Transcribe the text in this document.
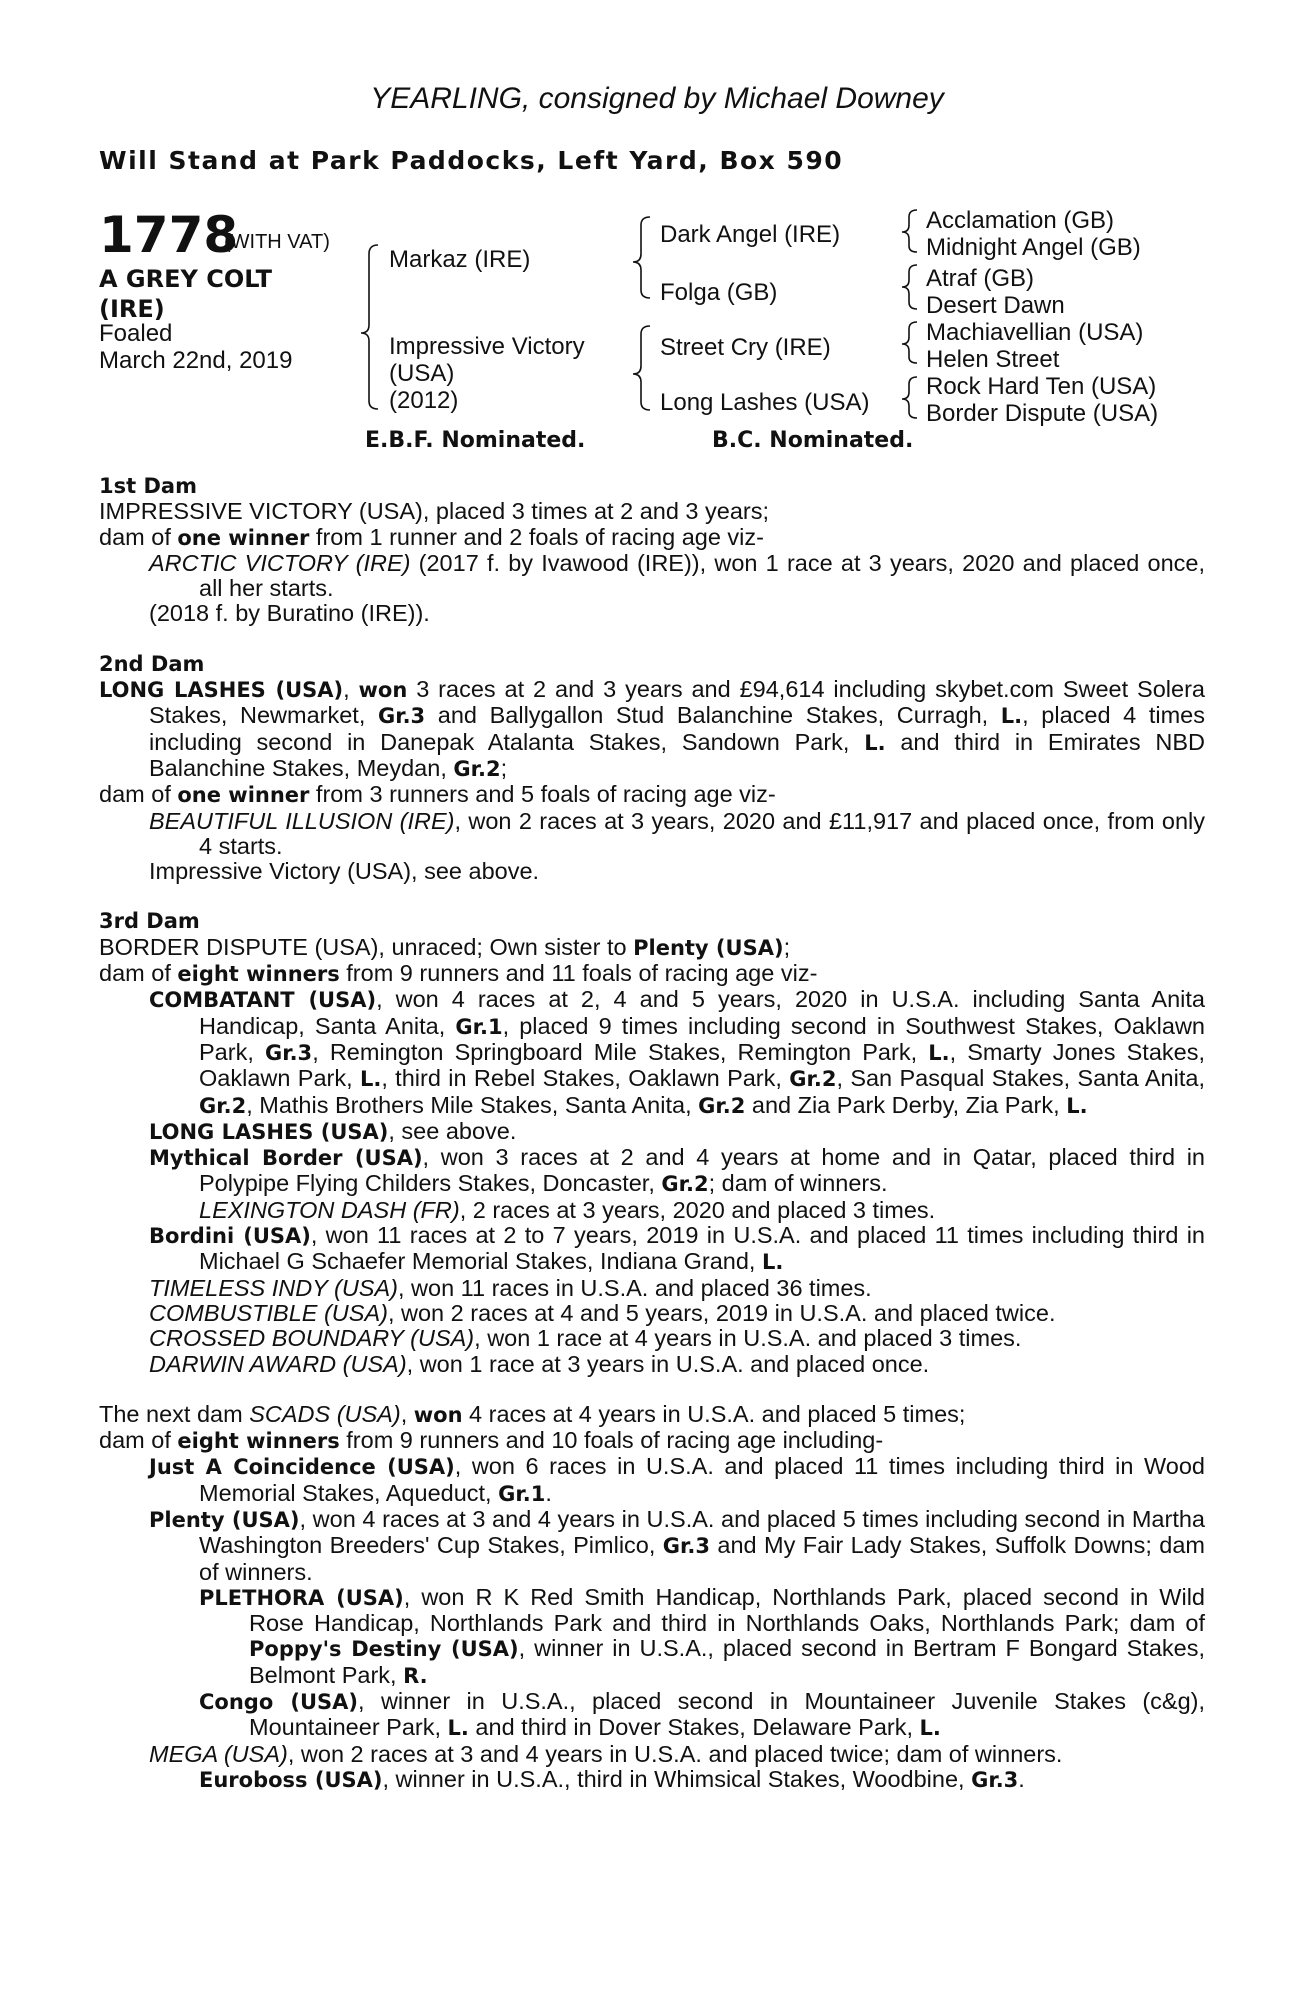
YEARLING, consigned by Michael Downey
Will Stand at Park Paddocks, Left Yard, Box 590
1778
(WITH VAT)
A GREY COLT
(IRE)
Foaled
March 22nd, 2019
Markaz (IRE)
Impressive Victory
(USA)
(2012)
Dark Angel (IRE)
Folga (GB)
Street Cry (IRE)
Long Lashes (USA)
Acclamation (GB)
Midnight Angel (GB)
Atraf (GB)
Desert Dawn
Machiavellian (USA)
Helen Street
Rock Hard Ten (USA)
Border Dispute (USA)
E.B.F. Nominated.	B.C. Nominated.

1st Dam

IMPRESSIVE VICTORY (USA), placed 3 times at 2 and 3 years;

dam of one winner from 1 runner and 2 foals of racing age viz-

ARCTIC VICTORY (IRE) (2017 f. by Ivawood (IRE)), won 1 race at 3 years, 2020 and placed once, all her starts.

(2018 f. by Buratino (IRE)).

2nd Dam

LONG LASHES (USA), won 3 races at 2 and 3 years and £94,614 including skybet.com Sweet Solera Stakes, Newmarket, Gr.3 and Ballygallon Stud Balanchine Stakes, Curragh, L., placed 4 times including second in Danepak Atalanta Stakes, Sandown Park, L. and third in Emirates NBD Balanchine Stakes, Meydan, Gr.2;

dam of one winner from 3 runners and 5 foals of racing age viz-

BEAUTIFUL ILLUSION (IRE), won 2 races at 3 years, 2020 and £11,917 and placed once, from only 4 starts.

Impressive Victory (USA), see above.

3rd Dam

BORDER DISPUTE (USA), unraced; Own sister to Plenty (USA);

dam of eight winners from 9 runners and 11 foals of racing age viz-

COMBATANT (USA), won 4 races at 2, 4 and 5 years, 2020 in U.S.A. including Santa Anita Handicap, Santa Anita, Gr.1, placed 9 times including second in Southwest Stakes, Oaklawn Park, Gr.3, Remington Springboard Mile Stakes, Remington Park, L., Smarty Jones Stakes, Oaklawn Park, L., third in Rebel Stakes, Oaklawn Park, Gr.2, San Pasqual Stakes, Santa Anita, Gr.2, Mathis Brothers Mile Stakes, Santa Anita, Gr.2 and Zia Park Derby, Zia Park, L.

LONG LASHES (USA), see above.

Mythical Border (USA), won 3 races at 2 and 4 years at home and in Qatar, placed third in Polypipe Flying Childers Stakes, Doncaster, Gr.2; dam of winners.

LEXINGTON DASH (FR), 2 races at 3 years, 2020 and placed 3 times.

Bordini (USA), won 11 races at 2 to 7 years, 2019 in U.S.A. and placed 11 times including third in Michael G Schaefer Memorial Stakes, Indiana Grand, L.

TIMELESS INDY (USA), won 11 races in U.S.A. and placed 36 times.

COMBUSTIBLE (USA), won 2 races at 4 and 5 years, 2019 in U.S.A. and placed twice.

CROSSED BOUNDARY (USA), won 1 race at 4 years in U.S.A. and placed 3 times.

DARWIN AWARD (USA), won 1 race at 3 years in U.S.A. and placed once.

The next dam SCADS (USA), won 4 races at 4 years in U.S.A. and placed 5 times;

dam of eight winners from 9 runners and 10 foals of racing age including-

Just A Coincidence (USA), won 6 races in U.S.A. and placed 11 times including third in Wood Memorial Stakes, Aqueduct, Gr.1.

Plenty (USA), won 4 races at 3 and 4 years in U.S.A. and placed 5 times including second in Martha Washington Breeders' Cup Stakes, Pimlico, Gr.3 and My Fair Lady Stakes, Suffolk Downs; dam of winners.

PLETHORA (USA), won R K Red Smith Handicap, Northlands Park, placed second in Wild Rose Handicap, Northlands Park and third in Northlands Oaks, Northlands Park; dam of Poppy's Destiny (USA), winner in U.S.A., placed second in Bertram F Bongard Stakes, Belmont Park, R.

Congo (USA), winner in U.S.A., placed second in Mountaineer Juvenile Stakes (c&g), Mountaineer Park, L. and third in Dover Stakes, Delaware Park, L.

MEGA (USA), won 2 races at 3 and 4 years in U.S.A. and placed twice; dam of winners.

Euroboss (USA), winner in U.S.A., third in Whimsical Stakes, Woodbine, Gr.3.
